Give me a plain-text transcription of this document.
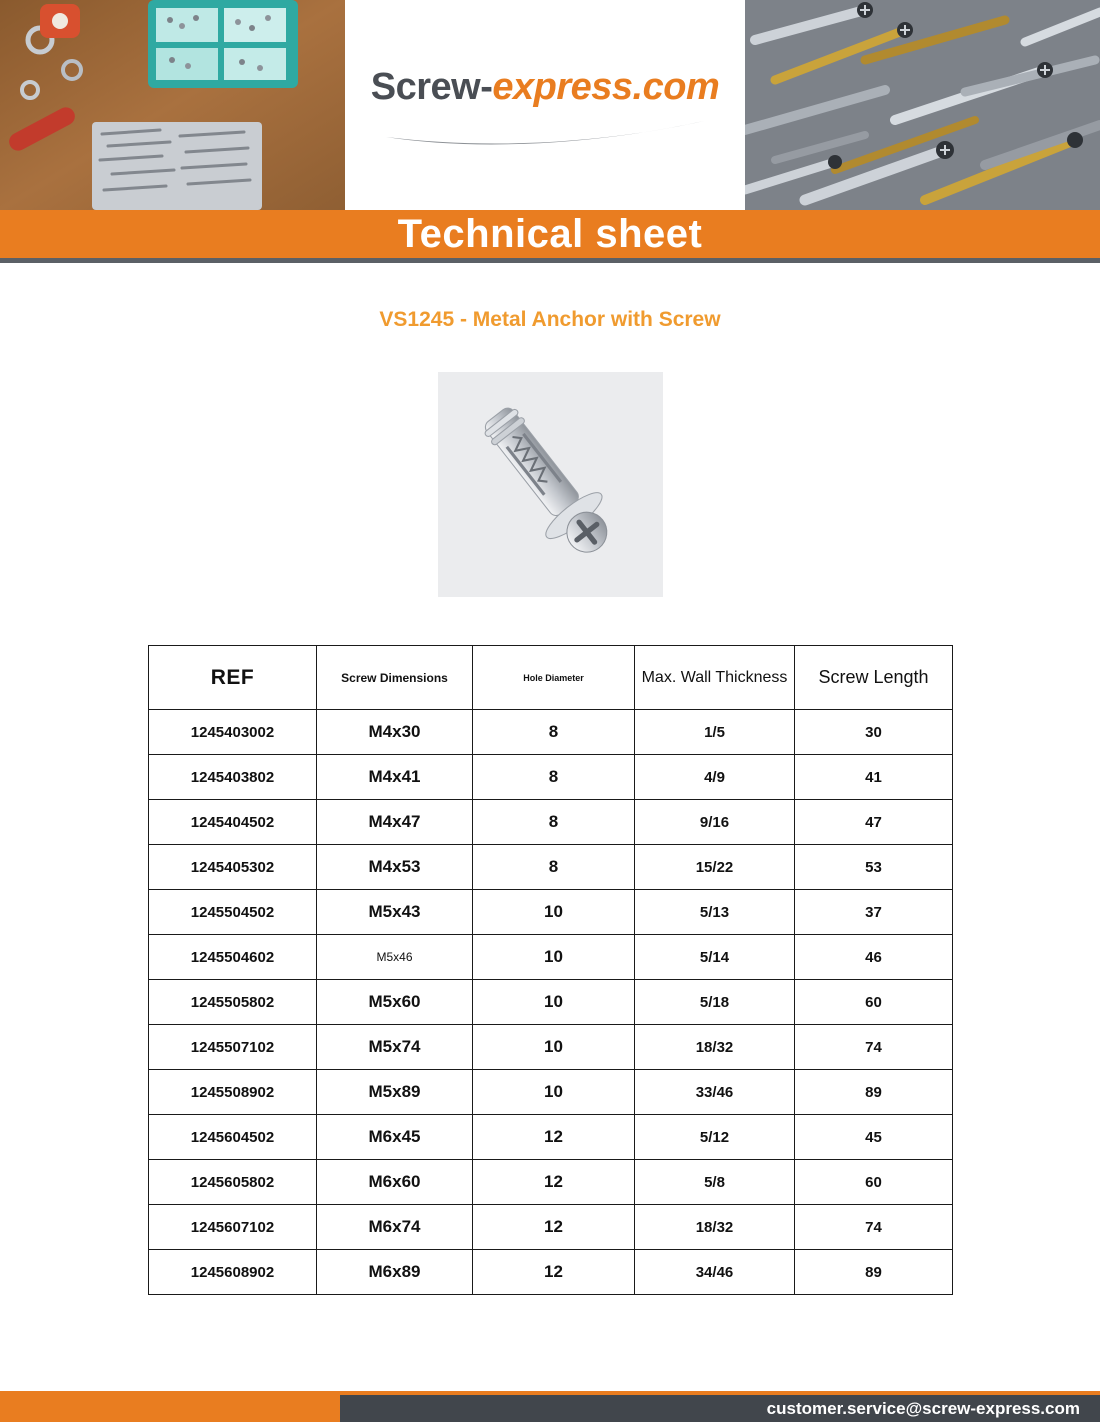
Screw-express.com
Technical sheet
VS1245 - Metal Anchor with Screw
REF	Screw Dimensions	Hole Diameter	Max. Wall Thickness	Screw Length
1245403002	M4x30	8	1/5	30
1245403802	M4x41	8	4/9	41
1245404502	M4x47	8	9/16	47
1245405302	M4x53	8	15/22	53
1245504502	M5x43	10	5/13	37
1245504602	M5x46	10	5/14	46
1245505802	M5x60	10	5/18	60
1245507102	M5x74	10	18/32	74
1245508902	M5x89	10	33/46	89
1245604502	M6x45	12	5/12	45
1245605802	M6x60	12	5/8	60
1245607102	M6x74	12	18/32	74
1245608902	M6x89	12	34/46	89
customer.service@screw-express.com
